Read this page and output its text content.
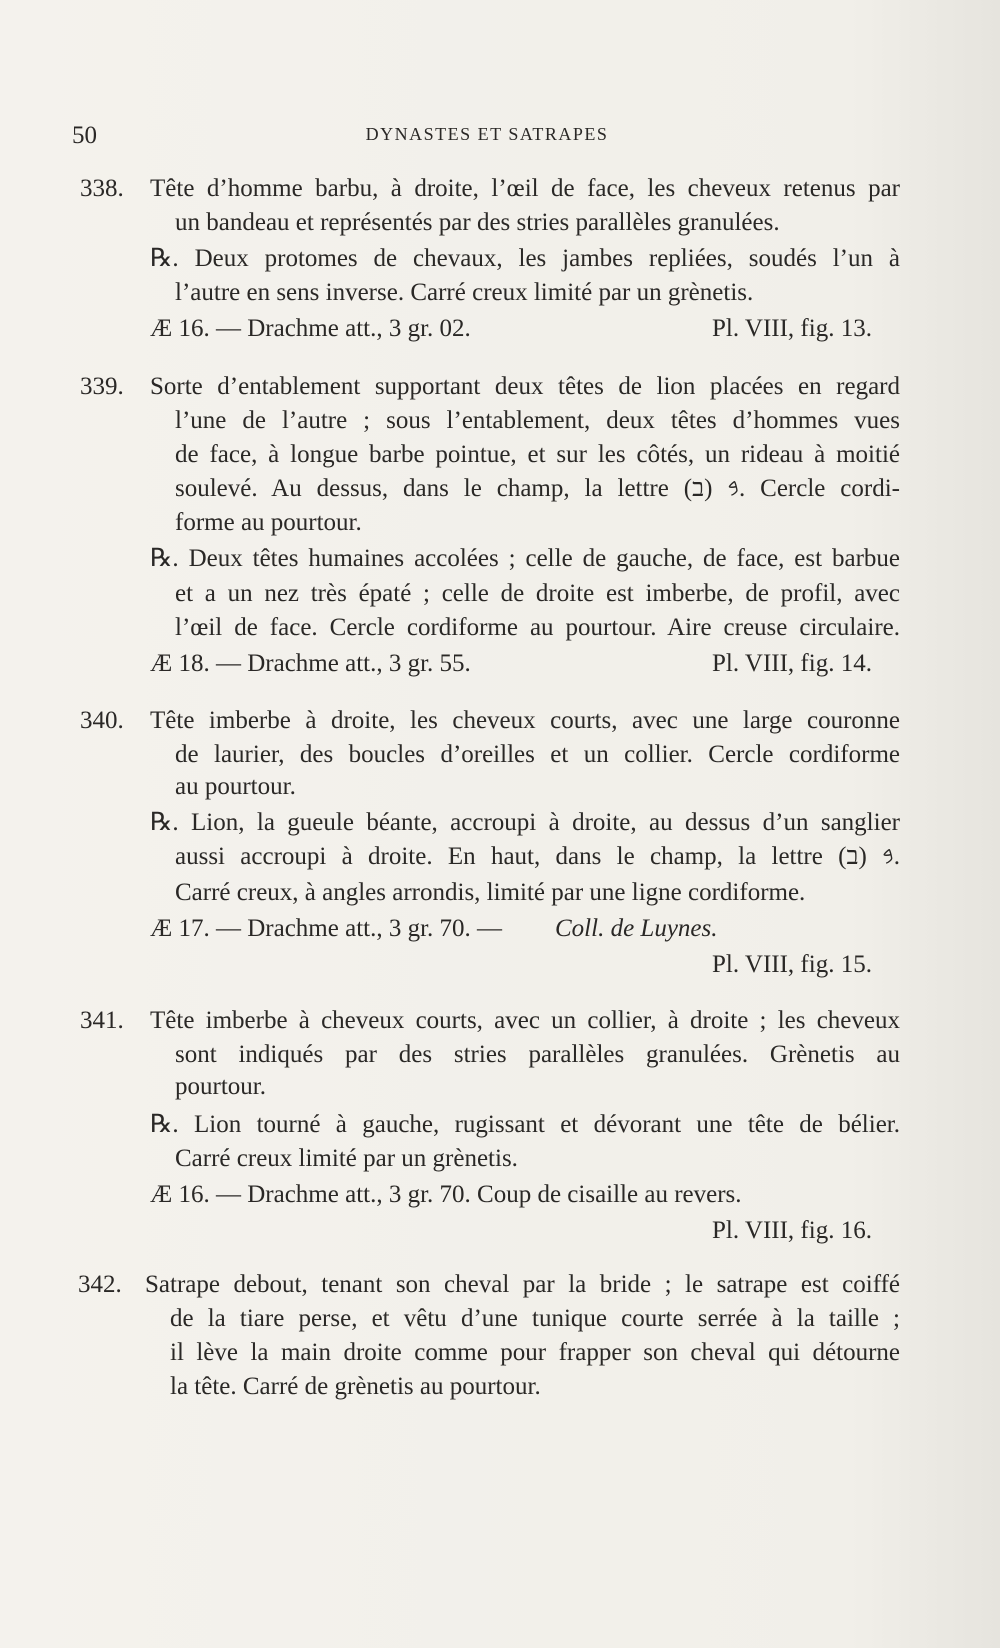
50	DYNASTES ET SATRAPES
338. Tête d’homme barbu, à droite, l’œil de face, les cheveux retenus par
un bandeau et représentés par des stries parallèles granulées.
℞. Deux protomes de chevaux, les jambes repliées, soudés l’un à
l’autre en sens inverse. Carré creux limité par un grènetis.
Æ 16. — Drachme att., 3 gr. 02.	Pl. VIII, fig. 13.
339. Sorte d’entablement supportant deux têtes de lion placées en regard
l’une de l’autre ; sous l’entablement, deux têtes d’hommes vues
de face, à longue barbe pointue, et sur les côtés, un rideau à moitié
soulevé. Au dessus, dans le champ, la lettre 𐤁 (ב). Cercle cordi-
forme au pourtour.
℞. Deux têtes humaines accolées ; celle de gauche, de face, est barbue
et a un nez très épaté ; celle de droite est imberbe, de profil, avec
l’œil de face. Cercle cordiforme au pourtour. Aire creuse circulaire.
Æ 18. — Drachme att., 3 gr. 55.	Pl. VIII, fig. 14.
340. Tête imberbe à droite, les cheveux courts, avec une large couronne
de laurier, des boucles d’oreilles et un collier. Cercle cordiforme
au pourtour.
℞. Lion, la gueule béante, accroupi à droite, au dessus d’un sanglier
aussi accroupi à droite. En haut, dans le champ, la lettre 𐤁 (ב).
Carré creux, à angles arrondis, limité par une ligne cordiforme.
Æ 17. — Drachme att., 3 gr. 70. — Coll. de Luynes.
Pl. VIII, fig. 15.
341. Tête imberbe à cheveux courts, avec un collier, à droite ; les cheveux
sont indiqués par des stries parallèles granulées. Grènetis au
pourtour.
℞. Lion tourné à gauche, rugissant et dévorant une tête de bélier.
Carré creux limité par un grènetis.
Æ 16. — Drachme att., 3 gr. 70. Coup de cisaille au revers.
Pl. VIII, fig. 16.
342. Satrape debout, tenant son cheval par la bride ; le satrape est coiffé
de la tiare perse, et vêtu d’une tunique courte serrée à la taille ;
il lève la main droite comme pour frapper son cheval qui détourne
la tête. Carré de grènetis au pourtour.
